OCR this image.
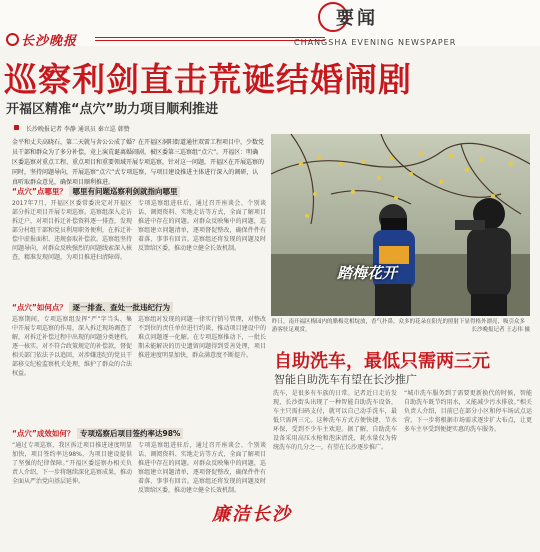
长沙晚报
要闻
CHANGSHA EVENING NEWSPAPER
巡察利剑直击荒诞结婚闹剧
开福区精准“点穴”助力项目顺利推进
长沙晚报记者 李静 通讯员 秦立巡 韩赞
金平和丈夫高晓石，第二天就与舍公公成了婚？在开福区洞阳街道通往双雷工程项目中，少数党员干部和群众为了多分补偿，竟上演荒诞离婚闹剧，被区委第三巡察组“点穴”。开福区：明确区委巡察对重点工程、重点项目和重要领域开展专项巡察，针对这一问题，开福区在开展巡察的同时，坚持问题导向，开展巡察“点穴”式专项巡察，与项目建设推进主体进行深入的调研，认真听取群众意见，确保项目顺利推进。
“点穴”点哪里？ 哪里有问题巡察利剑就指向哪里
2017年7月，开福区区委常委决定对开福区部分拆迁项目开展专项巡察。巡察组深入走访拆迁户，对项目拆迁补偿资料逐一排查，发现部分村组干部和党员利用职务便利，在拆迁补偿中虚报面积、违规套取补偿款。巡察组坚持问题导向，对群众反映强烈的问题线索深入核查，精准发现问题，为项目推进扫清障碍。
专项巡察组进驻后，通过召开座谈会、个别谈话、调阅资料、实地走访等方式，全面了解项目推进中存在的问题。对群众反映集中的问题，巡察组建立问题清单，逐项督促整改，确保件件有着落、事事有回音。巡察组还将发现的问题及时反馈给区委，推动建立健全长效机制。
“点穴”如何点？ 逐一排查、查处一批违纪行为
巡察期间，专项巡察组发挥“严”字当头、集中开展专项巡察的作用，深入拆迁现场调查了解，对拆迁补偿过程中出现的问题分类建档，逐一核实。对不符合政策规定的补偿款，督促相关部门依法予以追回，对涉嫌违纪的党员干部移交纪检监察机关处理，维护了群众的合法权益。
巡察组对发现的问题一律实行销号管理，对整改不到位的责任单位进行约谈，推动项目建设中的难点问题逐一化解。在专项巡察推动下，一批长期未能解决的历史遗留问题得到妥善处理，项目推进速度明显加快，群众满意度不断提升。
“点穴”成效如何？ 专项巡察后项目签约率达98%
“通过专项巡察，我区拆迁项目推进速度明显加快，项目签约率达98%，为项目建设提供了坚强的纪律保障。”开福区委巡察办相关负责人介绍，下一步将继续深化巡察成果，推动全面从严治党向基层延伸。
专项巡察组进驻后，通过召开座谈会、个别谈话、调阅资料、实地走访等方式，全面了解项目推进中存在的问题。对群众反映集中的问题，巡察组建立问题清单，逐项督促整改，确保件件有着落、事事有回音。巡察组还将发现的问题及时反馈给区委，推动建立健全长效机制。
廉洁长沙
踏梅花开
昨日，南开福区梅园内的腊梅竞相绽放，香气扑鼻，众多的花朵在阳光的照射下显得格外漂亮，吸引众多游客驻足观赏。	长沙晚报记者 王志伟 摄
自助洗车，最低只需两三元
智能自助洗车有望在长沙推广
洗车，是很多有车族的日常。记者近日走访发现，长沙街头出现了一种智能自助洗车设备，车主只需扫码支付，就可以自己动手洗车，最低只需两三元。这种洗车方式方便快捷、节水环保，受到不少车主欢迎。据了解，自助洗车设备采用高压水枪和泡沫清洗，耗水量仅为传统洗车的几分之一，有望在长沙逐步推广。
“城市洗车服务到了需要更新换代的时候，智能自助洗车既节约用水，又能减少污水排放。”相关负责人介绍，目前已在部分小区和停车场试点运营，下一步将根据市场需求逐步扩大布点，让更多车主享受到便捷实惠的洗车服务。
